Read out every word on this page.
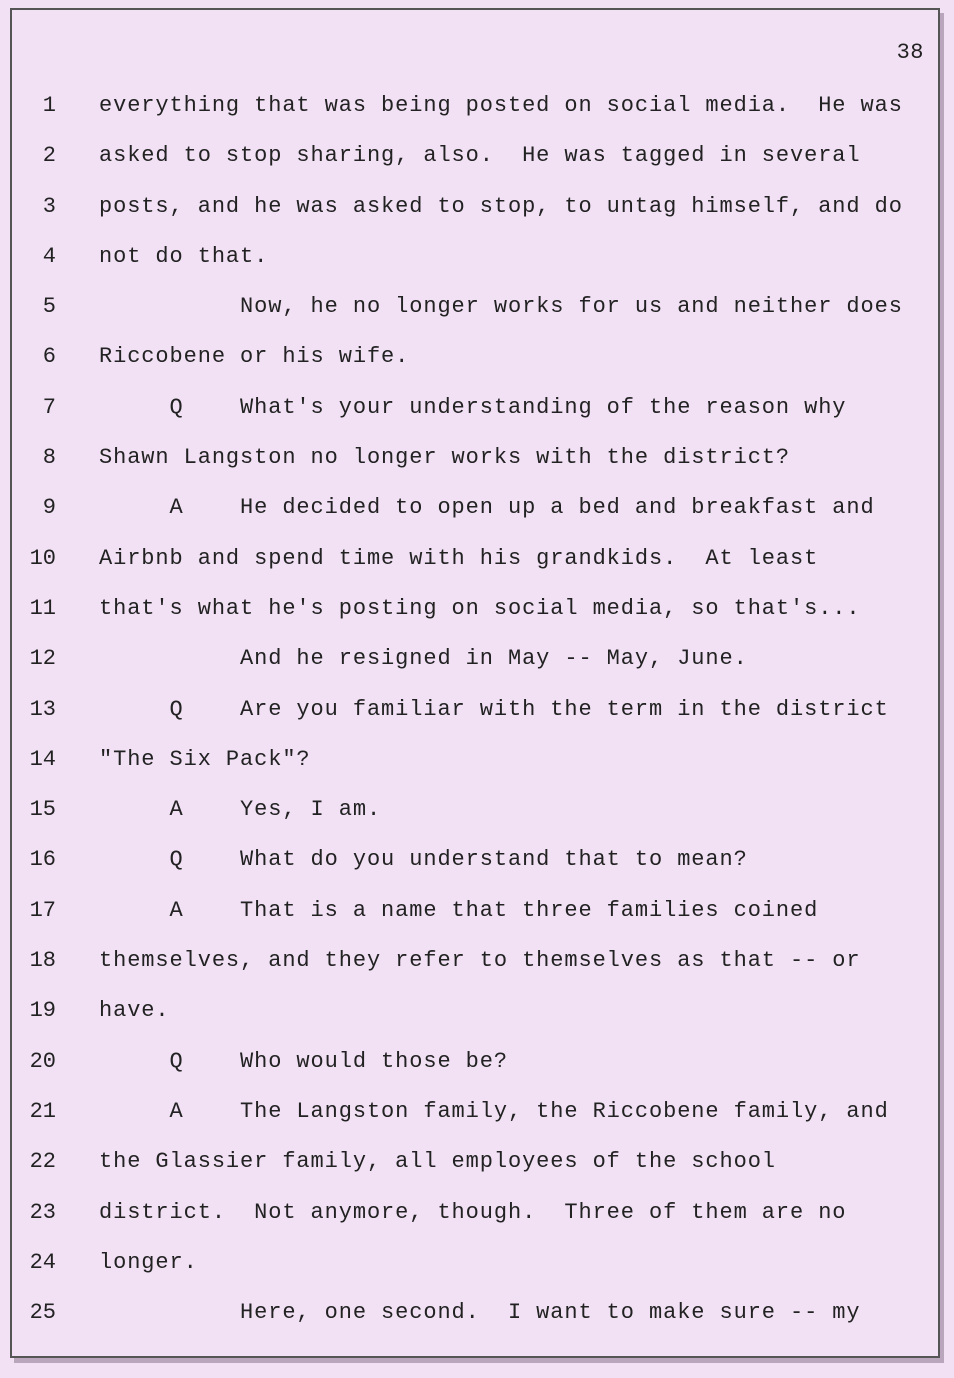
38
1 everything that was being posted on social media.  He was
2 asked to stop sharing, also.  He was tagged in several
3 posts, and he was asked to stop, to untag himself, and do
4 not do that.
5 Now, he no longer works for us and neither does
6 Riccobene or his wife.
7 Q    What's your understanding of the reason why
8 Shawn Langston no longer works with the district?
9 A    He decided to open up a bed and breakfast and
10 Airbnb and spend time with his grandkids.  At least
11 that's what he's posting on social media, so that's...
12 And he resigned in May -- May, June.
13 Q    Are you familiar with the term in the district
14 "The Six Pack"?
15 A    Yes, I am.
16 Q    What do you understand that to mean?
17 A    That is a name that three families coined
18 themselves, and they refer to themselves as that -- or
19 have.
20 Q    Who would those be?
21 A    The Langston family, the Riccobene family, and
22 the Glassier family, all employees of the school
23 district.  Not anymore, though.  Three of them are no
24 longer.
25 Here, one second.  I want to make sure -- my
